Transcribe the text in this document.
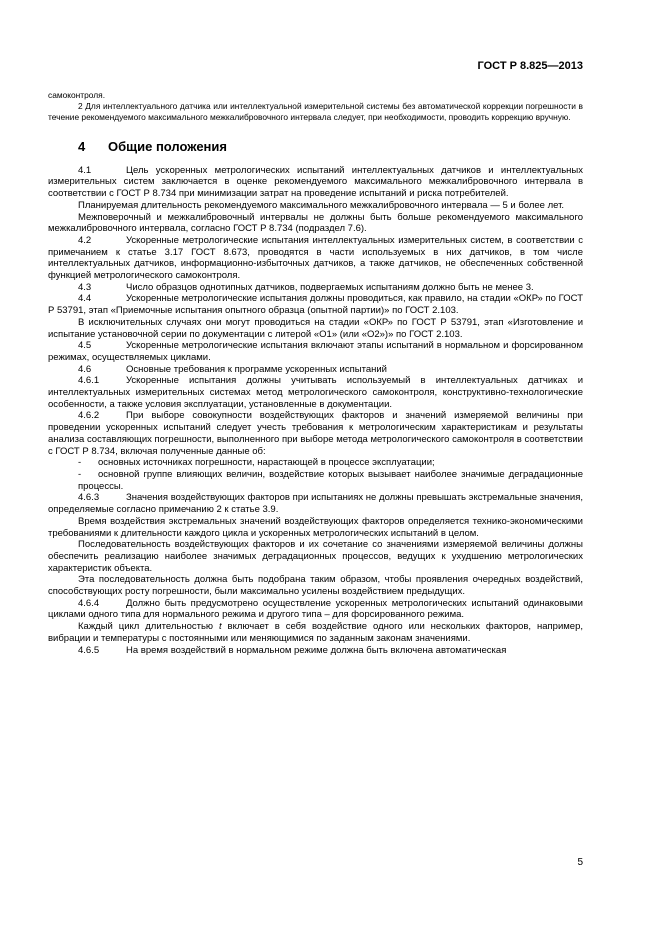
ГОСТ Р 8.825—2013

самоконтроля.

2 Для интеллектуального датчика или интеллектуальной измерительной системы без автоматической коррекции погрешности в течение рекомендуемого максимального межкалибровочного интервала следует, при необходимости, проводить коррекцию вручную.

4 Общие положения

4.1	Цель ускоренных метрологических испытаний интеллектуальных датчиков и интеллектуальных измерительных систем заключается в оценке рекомендуемого максимального межкалибровочного интервала в соответствии с ГОСТ Р 8.734 при минимизации затрат на проведение испытаний и риска потребителей.

Планируемая длительность рекомендуемого максимального межкалибровочного интервала — 5 и более лет.

Межповерочный и межкалибровочный интервалы не должны быть больше рекомендуемого максимального межкалибровочного интервала, согласно ГОСТ Р 8.734 (подраздел 7.6).

4.2	Ускоренные метрологические испытания интеллектуальных измерительных систем, в соответствии с примечанием к статье 3.17 ГОСТ 8.673, проводятся в части используемых в них датчиков, в том числе интеллектуальных датчиков, информационно-избыточных датчиков, а также датчиков, не обеспеченных собственной функцией метрологического самоконтроля.

4.3	Число образцов однотипных датчиков, подвергаемых испытаниям должно быть не менее 3.

4.4	Ускоренные метрологические испытания должны проводиться, как правило, на стадии «ОКР» по ГОСТ Р 53791, этап «Приемочные испытания опытного образца (опытной партии)» по ГОСТ 2.103.

В исключительных случаях они могут проводиться на стадии «ОКР» по ГОСТ Р 53791, этап «Изготовление и испытание установочной серии по документации с литерой «О1» (или «О2»)» по ГОСТ 2.103.

4.5	Ускоренные метрологические испытания включают этапы испытаний в нормальном и форсированном режимах, осуществляемых циклами.

4.6	Основные требования к программе ускоренных испытаний

4.6.1	Ускоренные испытания должны учитывать используемый в интеллектуальных датчиках и интеллектуальных измерительных системах метод метрологического самоконтроля, конструктивно-технологические особенности, а также условия эксплуатации, установленные в документации.

4.6.2	При выборе совокупности воздействующих факторов и значений измеряемой величины при проведении ускоренных испытаний следует учесть требования к метрологическим характеристикам и результаты анализа составляющих погрешности, выполненного при выборе метода метрологического самоконтроля в соответствии с ГОСТ Р 8.734, включая полученные данные об:

- основных источниках погрешности, нарастающей в процессе эксплуатации;

- основной группе влияющих величин, воздействие которых вызывает наиболее значимые деградационные процессы.

4.6.3	Значения воздействующих факторов при испытаниях не должны превышать экстремальные значения, определяемые согласно примечанию 2 к статье 3.9.

Время воздействия экстремальных значений воздействующих факторов определяется технико-экономическими требованиями к длительности каждого цикла и ускоренных метрологических испытаний в целом.

Последовательность воздействующих факторов и их сочетание со значениями измеряемой величины должны обеспечить реализацию наиболее значимых деградационных процессов, ведущих к ухудшению метрологических характеристик объекта.

Эта последовательность должна быть подобрана таким образом, чтобы проявления очередных воздействий, способствующих росту погрешности, были максимально усилены воздействием предыдущих.

4.6.4	Должно быть предусмотрено осуществление ускоренных метрологических испытаний одинаковыми циклами одного типа для нормального режима и другого типа – для форсированного режима.

Каждый цикл длительностью t включает в себя воздействие одного или нескольких факторов, например, вибрации и температуры с постоянными или меняющимися по заданным законам значениями.

4.6.5	На время воздействий в нормальном режиме должна быть включена автоматическая

5
